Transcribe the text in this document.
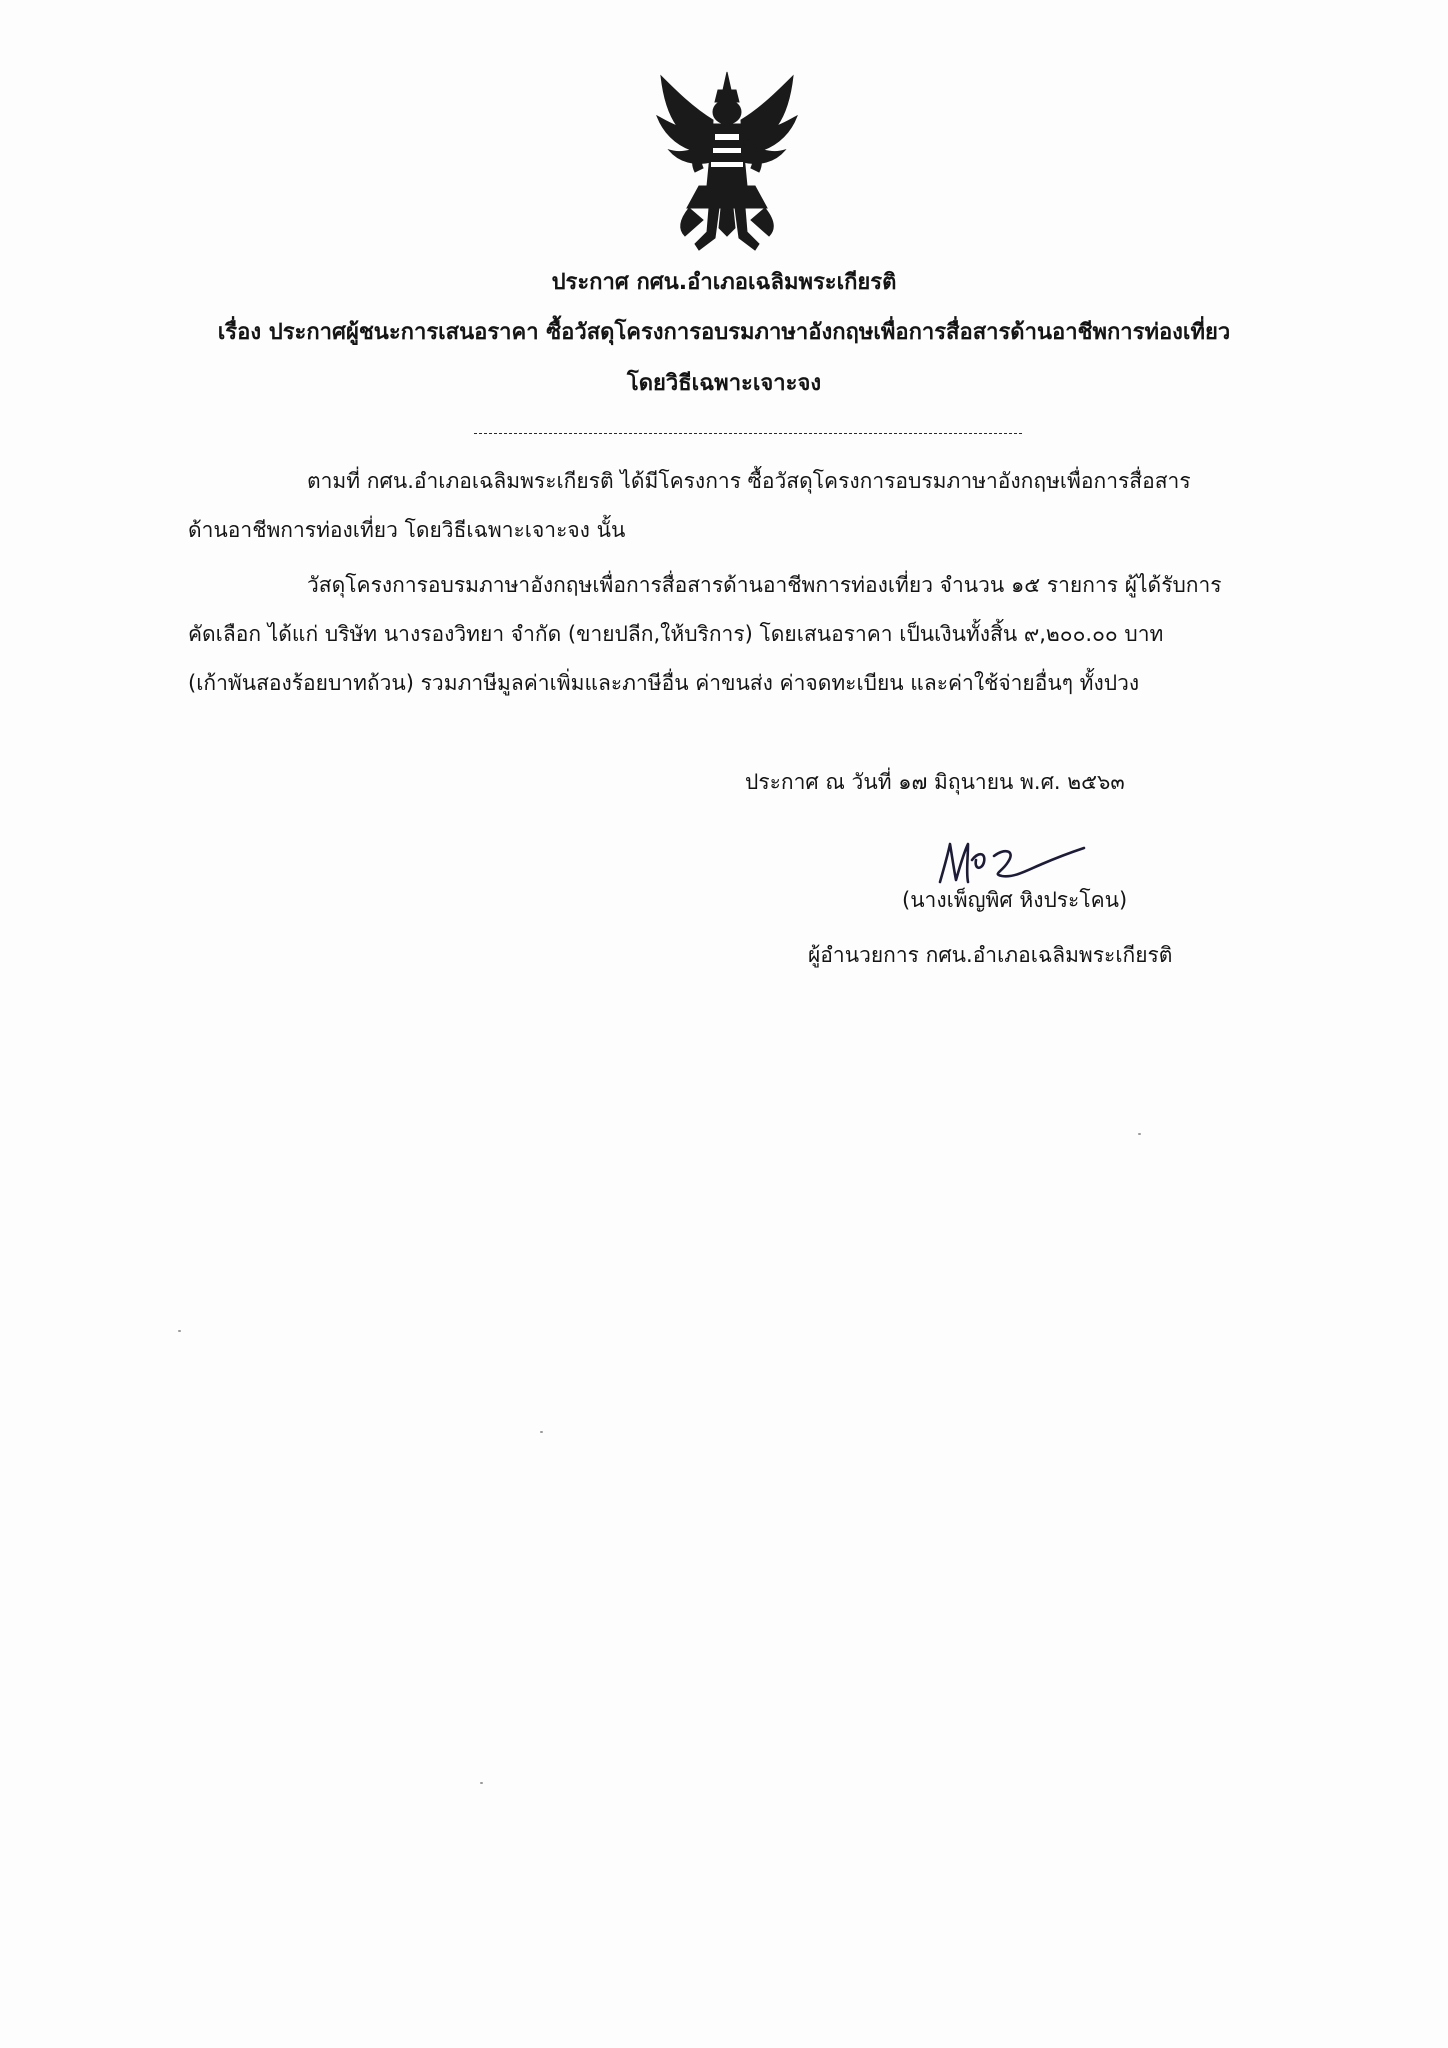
ประกาศ กศน.อำเภอเฉลิมพระเกียรติ
เรื่อง ประกาศผู้ชนะการเสนอราคา ซื้อวัสดุโครงการอบรมภาษาอังกฤษเพื่อการสื่อสารด้านอาชีพการท่องเที่ยว
โดยวิธีเฉพาะเจาะจง
ตามที่ กศน.อำเภอเฉลิมพระเกียรติ ได้มีโครงการ ซื้อวัสดุโครงการอบรมภาษาอังกฤษเพื่อการสื่อสาร
ด้านอาชีพการท่องเที่ยว โดยวิธีเฉพาะเจาะจง นั้น
วัสดุโครงการอบรมภาษาอังกฤษเพื่อการสื่อสารด้านอาชีพการท่องเที่ยว จำนวน ๑๕ รายการ ผู้ได้รับการ
คัดเลือก ได้แก่ บริษัท นางรองวิทยา จำกัด (ขายปลีก,ให้บริการ) โดยเสนอราคา เป็นเงินทั้งสิ้น ๙,๒๐๐.๐๐ บาท
(เก้าพันสองร้อยบาทถ้วน) รวมภาษีมูลค่าเพิ่มและภาษีอื่น ค่าขนส่ง ค่าจดทะเบียน และค่าใช้จ่ายอื่นๆ ทั้งปวง
ประกาศ ณ วันที่ ๑๗ มิถุนายน พ.ศ. ๒๕๖๓
(นางเพ็ญพิศ หิงประโคน)
ผู้อำนวยการ กศน.อำเภอเฉลิมพระเกียรติ
